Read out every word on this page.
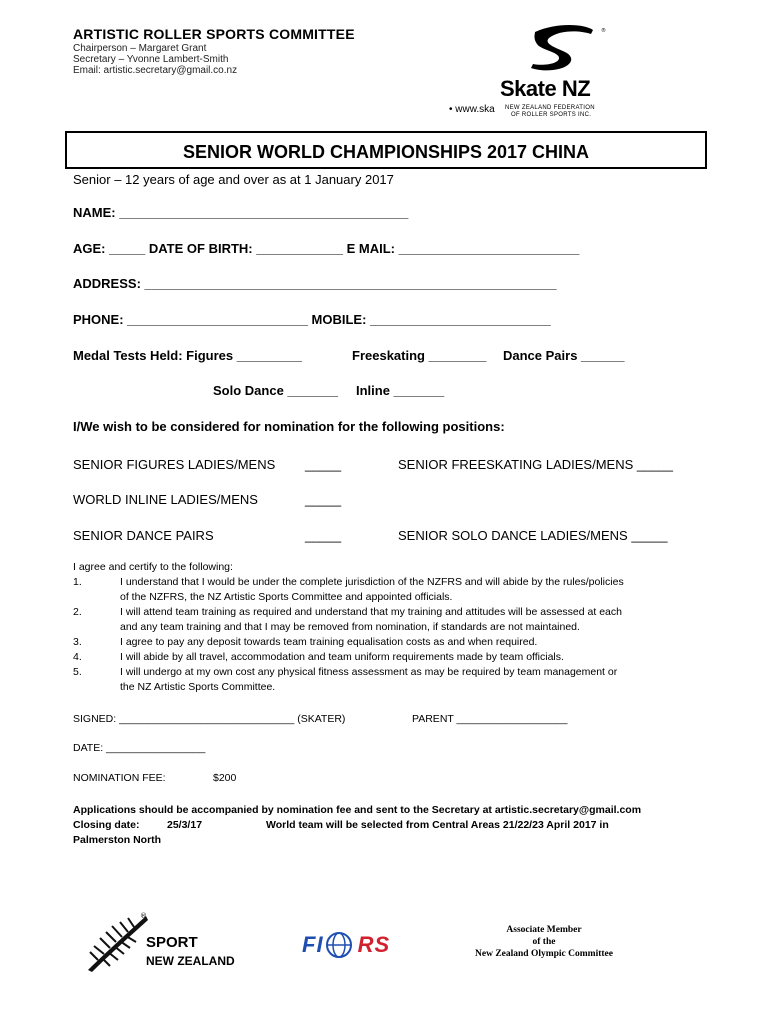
ARTISTIC ROLLER SPORTS COMMITTEE
Chairperson – Margaret Grant
Secretary – Yvonne Lambert-Smith
Email: artistic.secretary@gmail.co.nz
®
Skate NZ
NEW ZEALAND FEDERATION
OF ROLLER SPORTS INC.
• www.ska
SENIOR WORLD CHAMPIONSHIPS 2017 CHINA
Senior – 12 years of age and over as at 1 January 2017
NAME: ________________________________________
AGE: _____ DATE OF BIRTH: ____________ E MAIL: _________________________
ADDRESS: _________________________________________________________
PHONE: _________________________ MOBILE: _________________________
Medal Tests Held: Figures _________	Freeskating ________ Dance Pairs ______
Solo Dance _______ Inline _______
I/We wish to be considered for nomination for the following positions:
SENIOR FIGURES LADIES/MENS _____	SENIOR FREESKATING LADIES/MENS _____
WORLD INLINE LADIES/MENS	_____
SENIOR DANCE PAIRS	_____	SENIOR SOLO DANCE LADIES/MENS _____
I agree and certify to the following:
1.	I understand that I would be under the complete jurisdiction of the NZFRS and will abide by the rules/policies
of the NZFRS, the NZ Artistic Sports Committee and appointed officials.
2.	I will attend team training as required and understand that my training and attitudes will be assessed at each
and any team training and that I may be removed from nomination, if standards are not maintained.
3.	I agree to pay any deposit towards team training equalisation costs as and when required.
4.	I will abide by all travel, accommodation and team uniform requirements made by team officials.
5.	I will undergo at my own cost any physical fitness assessment as may be required by team management or
the NZ Artistic Sports Committee.
SIGNED: ______________________________ (SKATER)	PARENT ___________________
DATE: _________________
NOMINATION FEE:	$200
Applications should be accompanied by nomination fee and sent to the Secretary at artistic.secretary@gmail.com
Closing date:	25/3/17	World team will be selected from Central Areas 21/22/23 April 2017 in
Palmerston North
®
SPORT
NEW ZEALAND
FI RS
Associate Member
of the
New Zealand Olympic Committee
